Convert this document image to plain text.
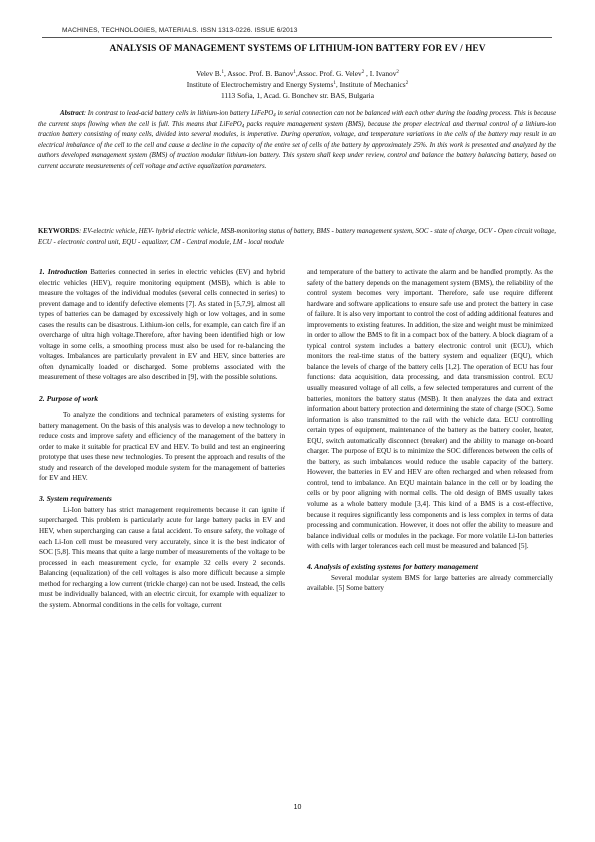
MACHINES, TECHNOLOGIES, MATERIALS. ISSN 1313-0226. ISSUE 6/2013
ANALYSIS OF MANAGEMENT SYSTEMS OF LITHIUM-ION BATTERY FOR EV / HEV
Velev B.$^1$, Assoc. Prof. B. Banov$^1$,Assoc. Prof. G. Velev$^2$ , I. Ivanov$^2$
Institute of Electrochemistry and Energy Systems$^1$, Institute of Mechanics$^2$
1113 Sofia, 1, Acad. G. Bonchev str. BAS, Bulgaria
Abstract: In contrast to lead-acid battery cells in lithium-ion battery LiFePO$_4$ in serial connection can not be balanced with each other during the loading process. This is because the current stops flowing when the cell is full. This means that LiFePO$_4$ packs require management system (BMS), because the proper electrical and thermal control of a lithium-ion traction battery consisting of many cells, divided into several modules, is imperative. During operation, voltage, and temperature variations in the cells of the battery may result in an electrical imbalance of the cell to the cell and cause a decline in the capacity of the entire set of cells of the battery by approximately 25%. In this work is presented and analyzed by the authors developed management system (BMS) of traction modular lithium-ion battery. This system shall keep under review, control and balance the battery balancing battery, based on current accurate measurements of cell voltage and active equalization parameters.
KEYWORDS: EV-electric vehicle, HEV- hybrid electric vehicle, MSB-monitoring status of battery, BMS - battery management system, SOC - state of charge, OCV - Open circuit voltage, ECU - electronic control unit, EQU - equalizer, CM - Central module, LM - local module

1. Introduction Batteries connected in series in electric vehicles (EV) and hybrid electric vehicles (HEV), require monitoring equipment (MSB), which is able to measure the voltages of the individual modules (several cells connected in series) to prevent damage and to identify defective elements [7]. As stated in [5,7,9], almost all types of batteries can be damaged by excessively high or low voltages, and in some cases the results can be disastrous. Lithium-ion cells, for example, can catch fire if an overcharge of ultra high voltage.Therefore, after having been identified high or low voltage in some cells, a smoothing process must also be used for re-balancing the voltages. Imbalances are particularly prevalent in EV and HEV, since batteries are often dynamically loaded or discharged. Some problems associated with the measurement of these voltages are also described in [9], with the possible solutions.

2. Purpose of work

To analyze the conditions and technical parameters of existing systems for battery management. On the basis of this analysis was to develop a new technology to reduce costs and improve safety and efficiency of the management of the battery in order to make it suitable for practical EV and HEV. To build and test an engineering prototype that uses these new technologies. To present the approach and results of the study and research of the developed module system for the management of batteries for EV and HEV.

3. System requirements

Li-Ion battery has strict management requirements because it can ignite if supercharged. This problem is particularly acute for large battery packs in EV and HEV, when supercharging can cause a fatal accident. To ensure safety, the voltage of each Li-Ion cell must be measured very accurately, since it is the best indicator of SOC [5,8]. This means that quite a large number of measurements of the voltage to be processed in each measurement cycle, for example 32 cells every 2 seconds. Balancing (equalization) of the cell voltages is also more difficult because a simple method for recharging a low current (trickle charge) can not be used. Instead, the cells must be individually balanced, with an electric circuit, for example with equalizer to the system. Abnormal conditions in the cells for voltage, current

and temperature of the battery to activate the alarm and be handled promptly. As the safety of the battery depends on the management system (BMS), the reliability of the control system becomes very important. Therefore, safe use require different hardware and software applications to ensure safe use and protect the battery in case of failure. It is also very important to control the cost of adding additional features and improvements to existing features. In addition, the size and weight must be minimized in order to allow the BMS to fit in a compact box of the battery. A block diagram of a typical control system includes a battery electronic control unit (ECU), which monitors the real-time status of the battery system and equalizer (EQU), which balance the levels of charge of the battery cells [1,2]. The operation of ECU has four functions: data acquisition, data processing, and data transmission control. ECU usually measured voltage of all cells, a few selected temperatures and current of the batteries, monitors the battery status (MSB). It then analyzes the data and extract information about battery protection and determining the state of charge (SOC). Some information is also transmitted to the rail with the vehicle data. ECU controlling certain types of equipment, maintenance of the battery as the battery cooler, heater, EQU, switch automatically disconnect (breaker) and the ability to manage on-board charger. The purpose of EQU is to minimize the SOC differences between the cells of the battery, as such imbalances would reduce the usable capacity of the battery. However, the batteries in EV and HEV are often recharged and when released from control, tend to imbalance. An EQU maintain balance in the cell or by loading the cells or by poor aligning with normal cells. The old design of BMS usually takes volume as a whole battery module [3,4]. This kind of a BMS is a cost-effective, because it requires significantly less components and is less complex in terms of data processing and communication. However, it does not offer the ability to measure and balance individual cells or modules in the package. For more volatile Li-Ion batteries with cells with larger tolerances each cell must be measured and balanced [5].

4. Analysis of existing systems for battery management

Several modular system BMS for large batteries are already commercially available. [5] Some battery

10
